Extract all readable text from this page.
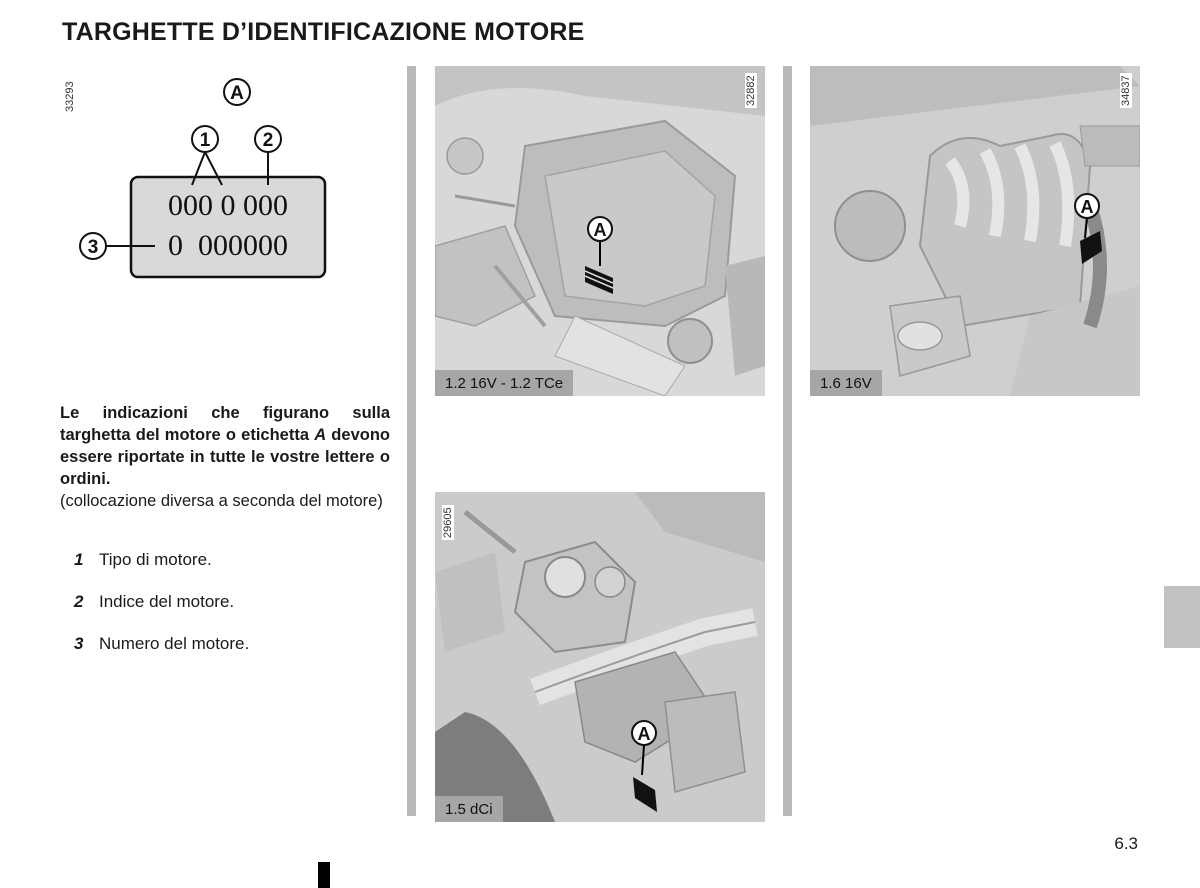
TARGHETTE D’IDENTIFICAZIONE MOTORE
33293	A
1	2
000 0 000
0  000000
3
Le indicazioni che figurano sulla targhetta del motore o etichetta A devono essere riportate in tutte le vostre lettere o ordini.
(collocazione diversa a seconda del motore)
1 Tipo di motore.
2 Indice del motore.
3 Numero del motore.
A
1.2 16V - 1.2 TCe
32882
A
1.6 16V
34837
A
1.5 dCi
29605
6.3
